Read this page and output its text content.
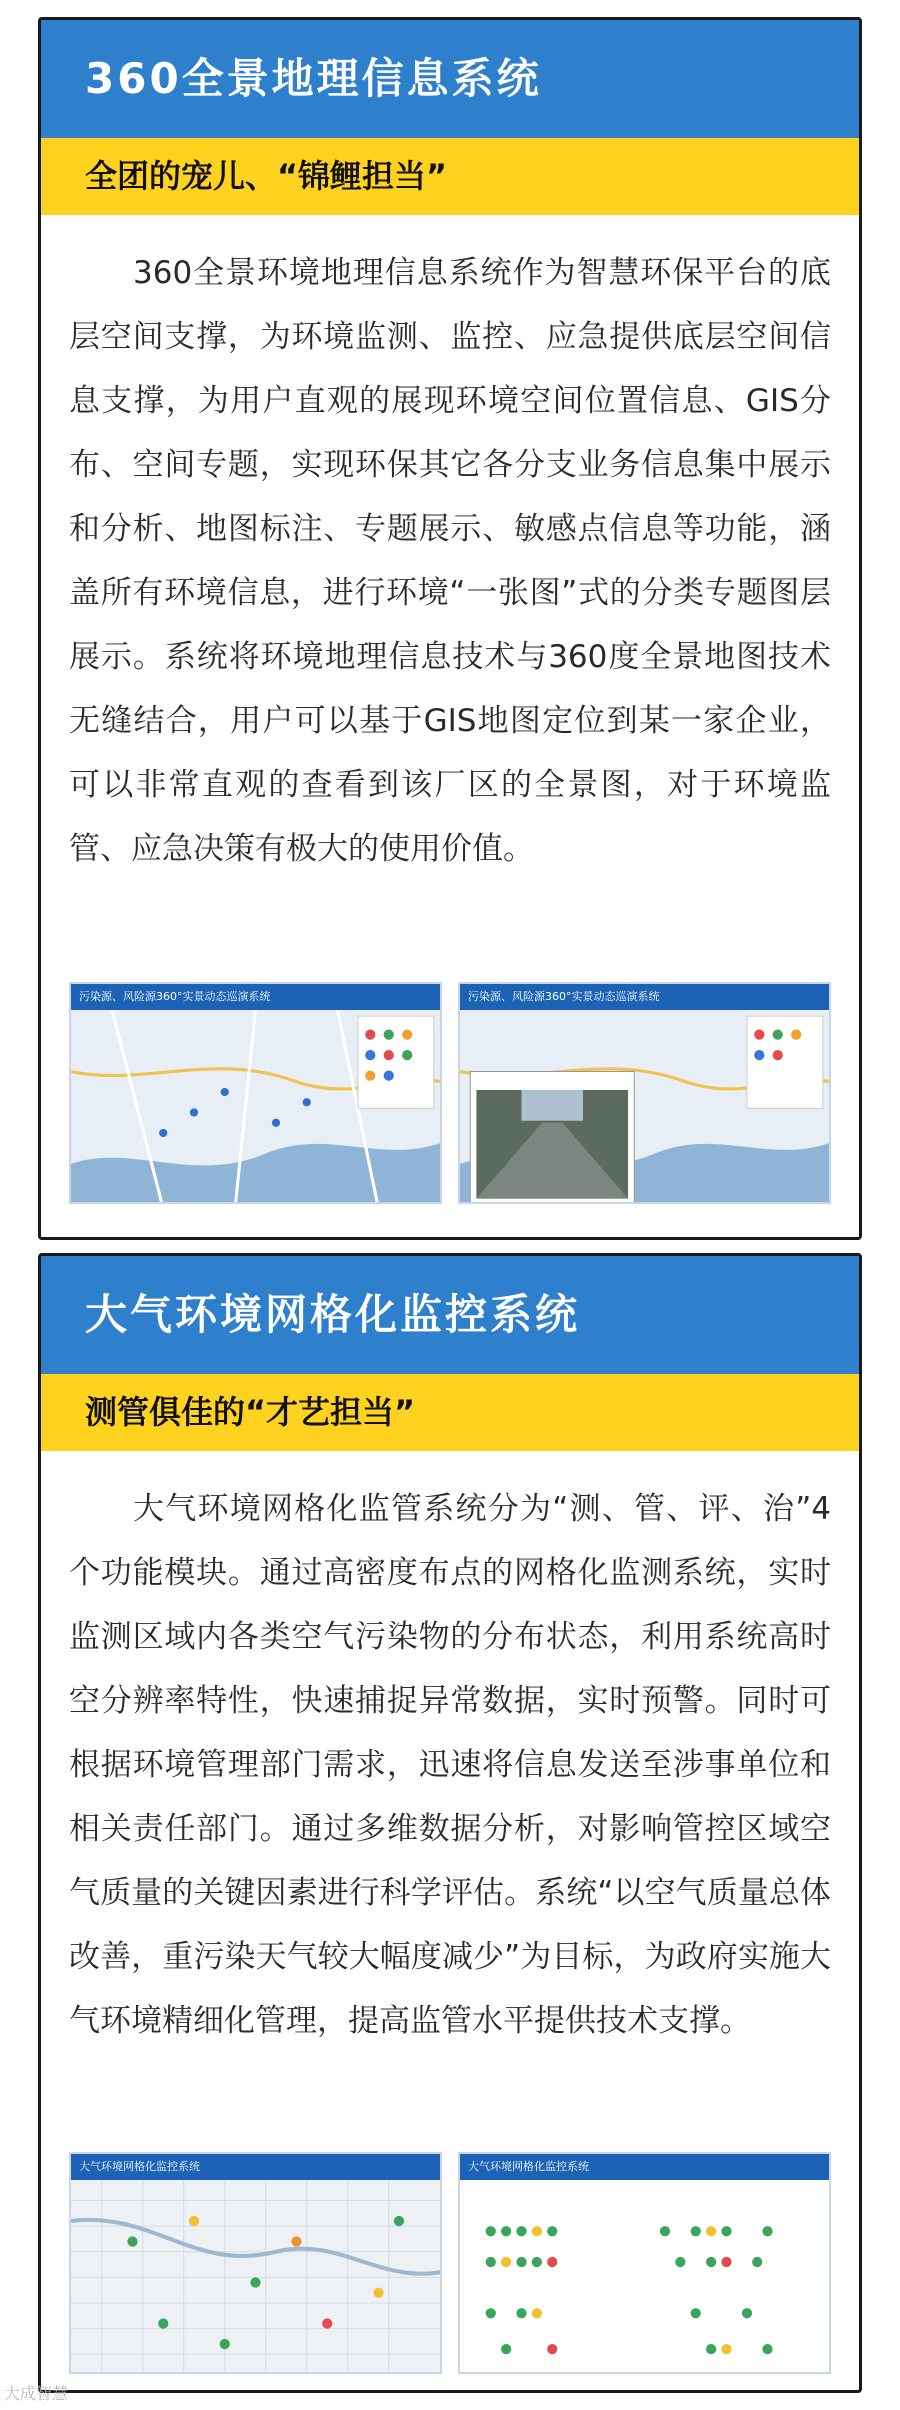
360全景地理信息系统
全团的宠儿、“锦鲤担当”
360全景环境地理信息系统作为智慧环保平台的底层空间支撑，为环境监测、监控、应急提供底层空间信息支撑，为用户直观的展现环境空间位置信息、GIS分布、空间专题，实现环保其它各分支业务信息集中展示和分析、地图标注、专题展示、敏感点信息等功能，涵盖所有环境信息，进行环境“一张图”式的分类专题图层展示。系统将环境地理信息技术与360度全景地图技术无缝结合，用户可以基于GIS地图定位到某一家企业，可以非常直观的查看到该厂区的全景图，对于环境监管、应急决策有极大的使用价值。
污染源、风险源360°实景动态巡演系统	污染源、风险源360°实景动态巡演系统
大气环境网格化监控系统
测管俱佳的“才艺担当”
大气环境网格化监管系统分为“测、管、评、治”4个功能模块。通过高密度布点的网格化监测系统，实时监测区域内各类空气污染物的分布状态，利用系统高时空分辨率特性，快速捕捉异常数据，实时预警。同时可根据环境管理部门需求，迅速将信息发送至涉事单位和相关责任部门。通过多维数据分析，对影响管控区域空气质量的关键因素进行科学评估。系统“以空气质量总体改善，重污染天气较大幅度减少”为目标，为政府实施大气环境精细化管理，提高监管水平提供技术支撑。
大气环境网格化监控系统	大气环境网格化监控系统
大成智慧
